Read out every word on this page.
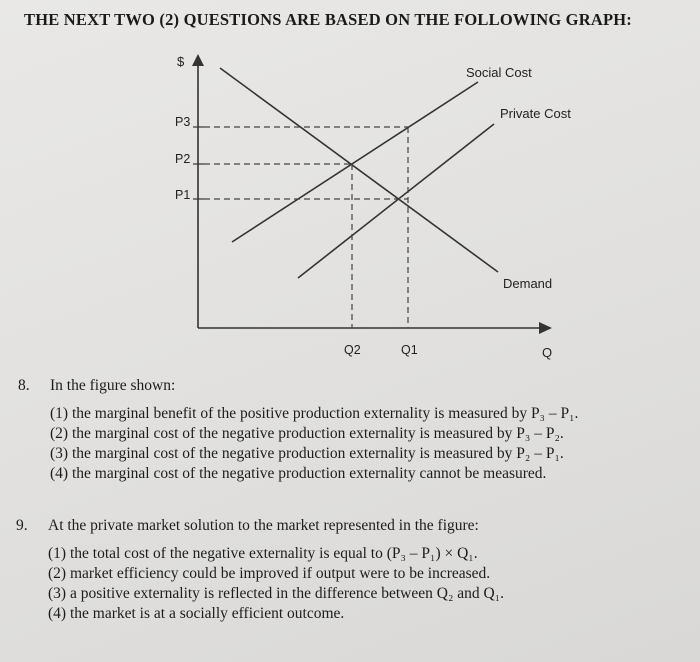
THE NEXT TWO (2) QUESTIONS ARE BASED ON THE FOLLOWING GRAPH:
$
Q
P3
P2
P1
Q2	Q1
Social Cost
Private Cost
Demand
8. In the figure shown:
(1) the marginal benefit of the positive production externality is measured by P₃ – P₁.
(2) the marginal cost of the negative production externality is measured by P₃ – P₂.
(3) the marginal cost of the negative production externality is measured by P₂ – P₁.
(4) the marginal cost of the negative production externality cannot be measured.
9. At the private market solution to the market represented in the figure:
(1) the total cost of the negative externality is equal to (P₃ – P₁) × Q₁.
(2) market efficiency could be improved if output were to be increased.
(3) a positive externality is reflected in the difference between Q₂ and Q₁.
(4) the market is at a socially efficient outcome.
